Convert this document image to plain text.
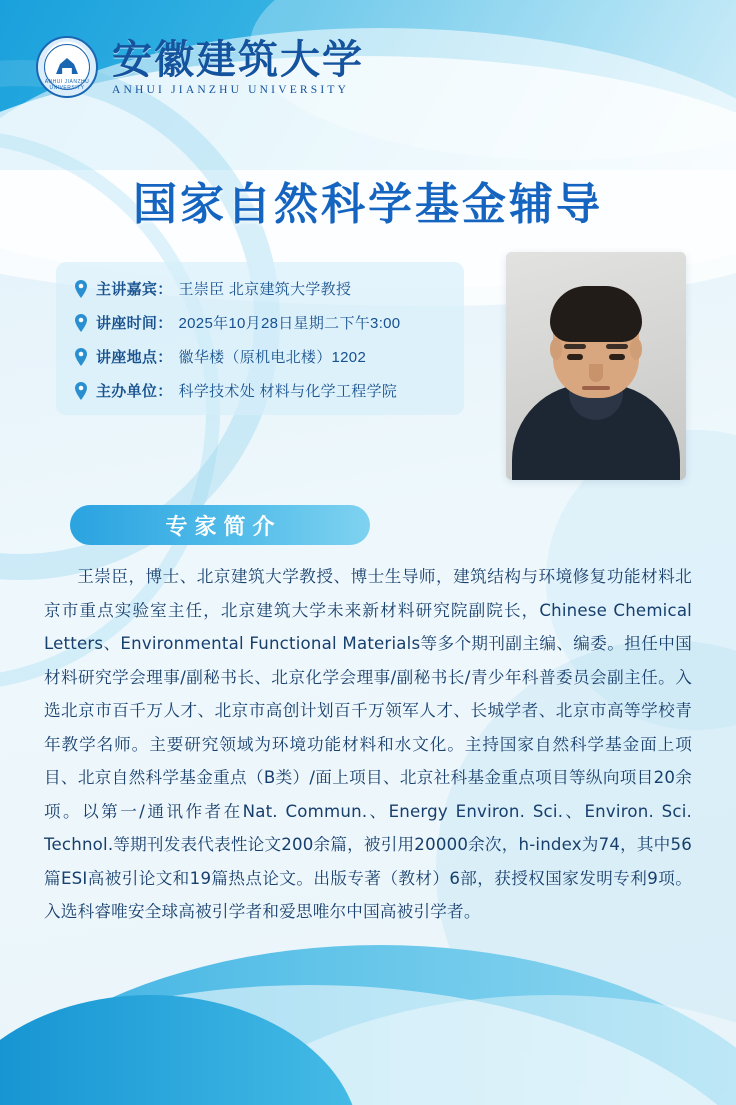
ANHUI JIANZHU UNIVERSITY
安徽建筑大学
ANHUI JIANZHU UNIVERSITY
国家自然科学基金辅导
主讲嘉宾： 王崇臣 北京建筑大学教授
讲座时间： 2025年10月28日星期二下午3:00
讲座地点： 徽华楼（原机电北楼）1202
主办单位： 科学技术处 材料与化学工程学院
专家简介
王崇臣，博士、北京建筑大学教授、博士生导师，建筑结构与环境修复功能材料北京市重点实验室主任，北京建筑大学未来新材料研究院副院长，Chinese Chemical Letters、Environmental Functional Materials等多个期刊副主编、编委。担任中国材料研究学会理事/副秘书长、北京化学会理事/副秘书长/青少年科普委员会副主任。入选北京市百千万人才、北京市高创计划百千万领军人才、长城学者、北京市高等学校青年教学名师。主要研究领域为环境功能材料和水文化。主持国家自然科学基金面上项目、北京自然科学基金重点（B类）/面上项目、北京社科基金重点项目等纵向项目20余项。以第一/通讯作者在Nat. Commun.、Energy Environ. Sci.、Environ. Sci. Technol.等期刊发表代表性论文200余篇，被引用20000余次，h-index为74，其中56篇ESI高被引论文和19篇热点论文。出版专著（教材）6部，获授权国家发明专利9项。入选科睿唯安全球高被引学者和爱思唯尔中国高被引学者。
